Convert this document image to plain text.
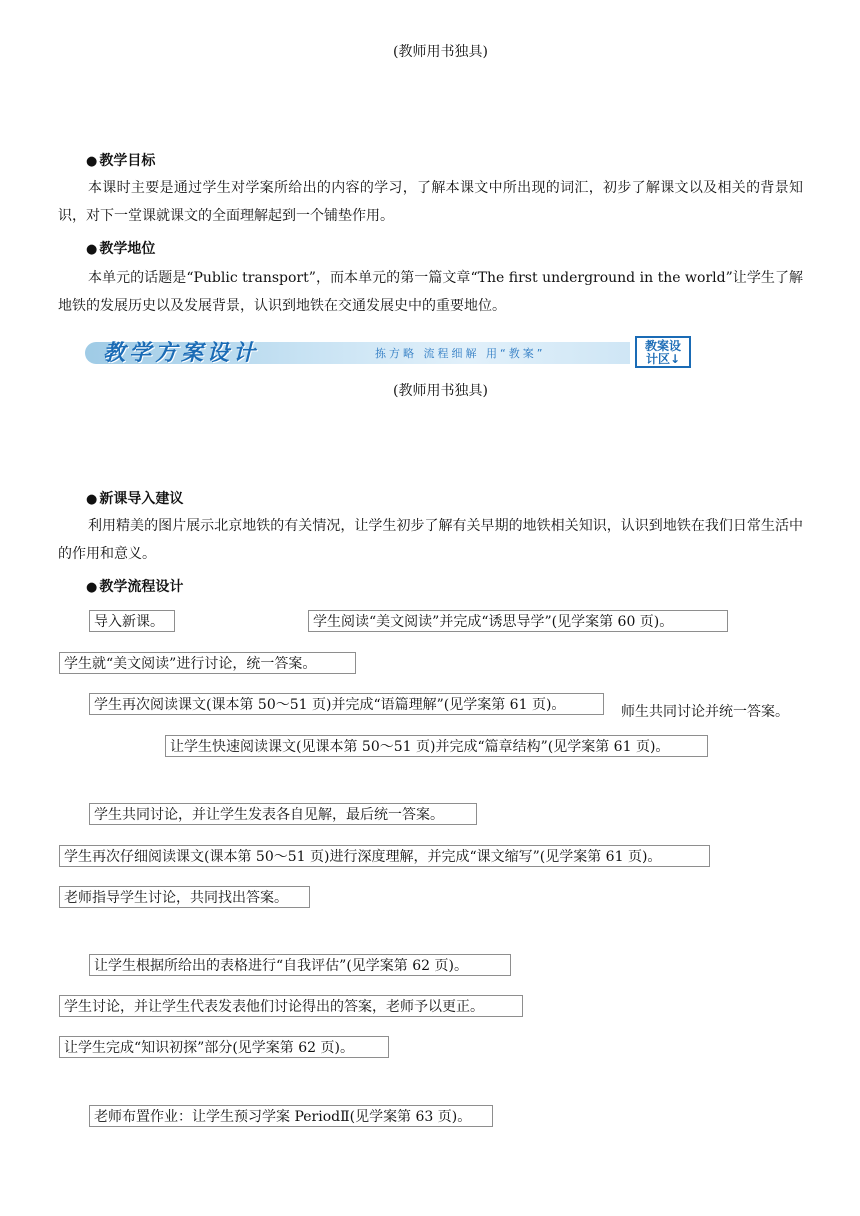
(教师用书独具)
● 教学目标
本课时主要是通过学生对学案所给出的内容的学习，了解本课文中所出现的词汇，初步了解课文以及相关的背景知识，对下一堂课就课文的全面理解起到一个铺垫作用。
● 教学地位
本单元的话题是“Public transport”，而本单元的第一篇文章“The first underground in the world”让学生了解地铁的发展历史以及发展背景，认识到地铁在交通发展史中的重要地位。
教学方案设计	拣方略 流程细解 用“教案”
教案设
计区↓
(教师用书独具)
● 新课导入建议
利用精美的图片展示北京地铁的有关情况，让学生初步了解有关早期的地铁相关知识，认识到地铁在我们日常生活中的作用和意义。
● 教学流程设计
导入新课。	学生阅读“美文阅读”并完成“诱思导学”(见学案第 60 页)。
学生就“美文阅读”进行讨论，统一答案。
学生再次阅读课文(课本第 50～51 页)并完成“语篇理解”(见学案第 61 页)。	师生共同讨论并统一答案。
让学生快速阅读课文(见课本第 50～51 页)并完成“篇章结构”(见学案第 61 页)。
学生共同讨论，并让学生发表各自见解，最后统一答案。
学生再次仔细阅读课文(课本第 50～51 页)进行深度理解，并完成“课文缩写”(见学案第 61 页)。
老师指导学生讨论，共同找出答案。
让学生根据所给出的表格进行“自我评估”(见学案第 62 页)。
学生讨论，并让学生代表发表他们讨论得出的答案，老师予以更正。
让学生完成“知识初探”部分(见学案第 62 页)。
老师布置作业：让学生预习学案 PeriodⅡ(见学案第 63 页)。
